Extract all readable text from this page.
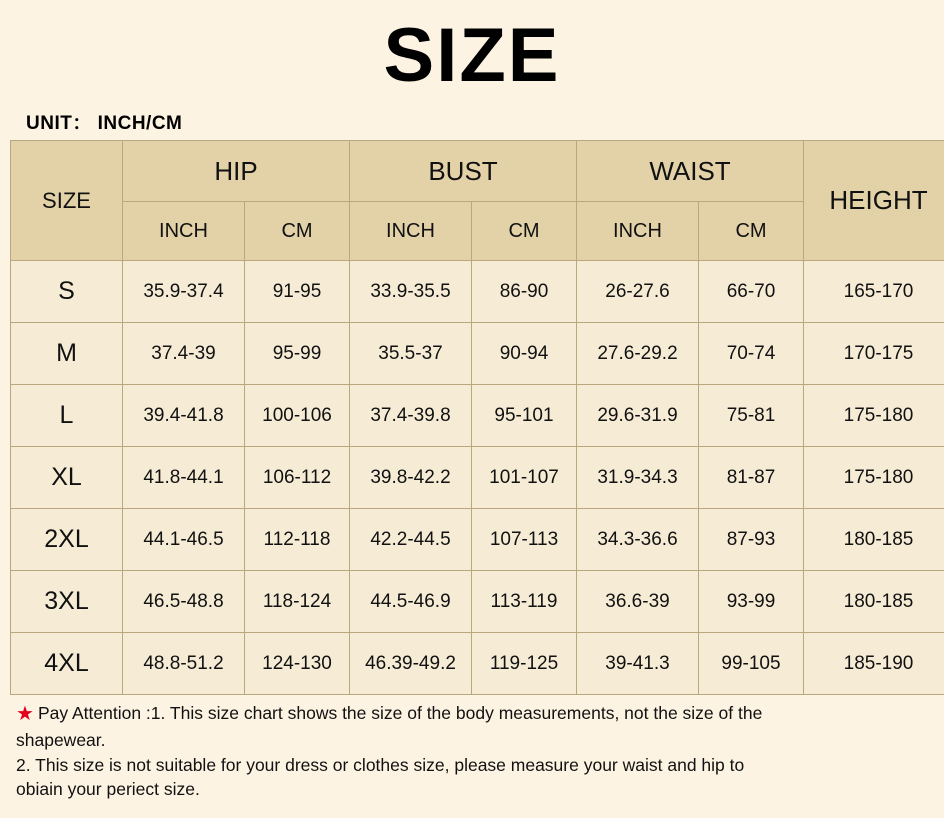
SIZE
UNIT： INCH/CM
SIZE	HIP		BUST		WAIST		HEIGHT
	INCH	CM	INCH	CM	INCH	CM	
S	35.9-37.4	91-95	33.9-35.5	86-90	26-27.6	66-70	165-170
M	37.4-39	95-99	35.5-37	90-94	27.6-29.2	70-74	170-175
L	39.4-41.8	100-106	37.4-39.8	95-101	29.6-31.9	75-81	175-180
XL	41.8-44.1	106-112	39.8-42.2	101-107	31.9-34.3	81-87	175-180
2XL	44.1-46.5	112-118	42.2-44.5	107-113	34.3-36.6	87-93	180-185
3XL	46.5-48.8	118-124	44.5-46.9	113-119	36.6-39	93-99	180-185
4XL	48.8-51.2	124-130	46.39-49.2	119-125	39-41.3	99-105	185-190
★ Pay Attention :1. This size chart shows the size of the body measurements, not the size of the
shapewear.
2. This size is not suitable for your dress or clothes size, please measure your waist and hip to
obiain your periect size.
